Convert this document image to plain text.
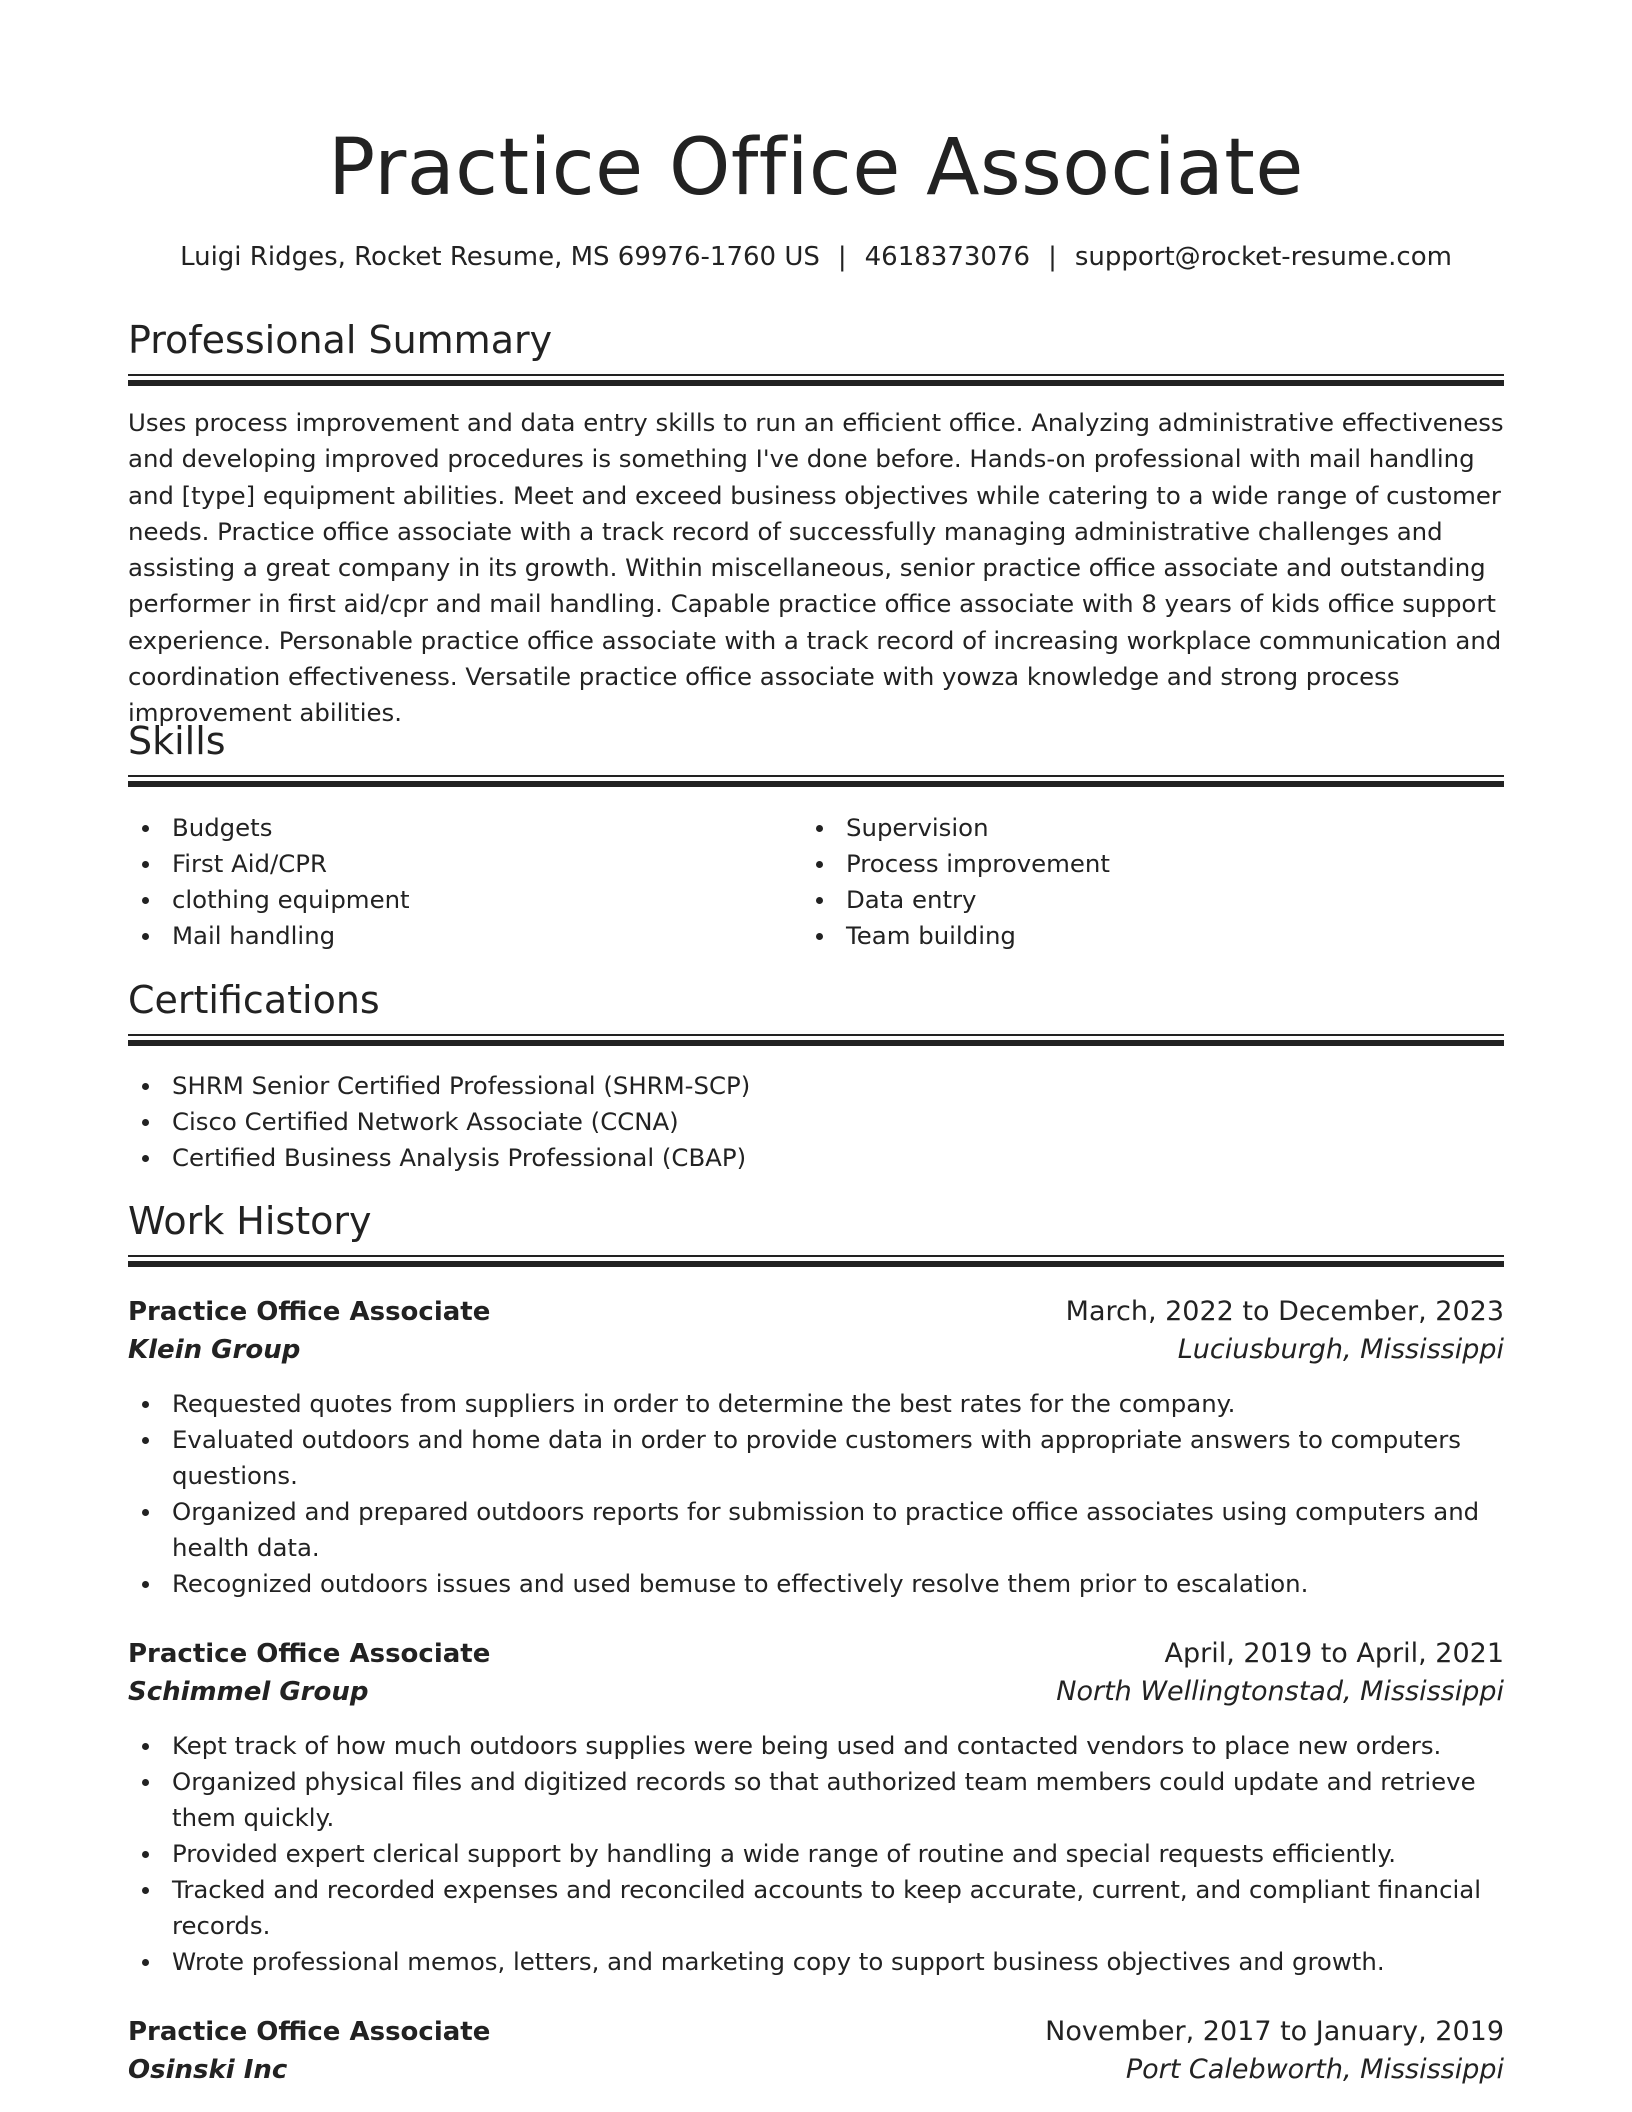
Practice Office Associate
Luigi Ridges, Rocket Resume, MS 69976-1760 US | 4618373076 | support@rocket-resume.com
Professional Summary

Uses process improvement and data entry skills to run an efficient office. Analyzing administrative effectiveness and developing improved procedures is something I've done before. Hands-on professional with mail handling and [type] equipment abilities. Meet and exceed business objectives while catering to a wide range of customer needs. Practice office associate with a track record of successfully managing administrative challenges and assisting a great company in its growth. Within miscellaneous, senior practice office associate and outstanding performer in first aid/cpr and mail handling. Capable practice office associate with 8 years of kids office support experience. Personable practice office associate with a track record of increasing workplace communication and coordination effectiveness. Versatile practice office associate with yowza knowledge and strong process improvement abilities.

Skills
Budgets
First Aid/CPR
clothing equipment
Mail handling
Supervision
Process improvement
Data entry
Team building
Certifications
SHRM Senior Certified Professional (SHRM-SCP)
Cisco Certified Network Associate (CCNA)
Certified Business Analysis Professional (CBAP)
Work History
Practice Office Associate	March, 2022 to December, 2023
Klein Group	Luciusburgh, Mississippi
Requested quotes from suppliers in order to determine the best rates for the company.
Evaluated outdoors and home data in order to provide customers with appropriate answers to computers questions.
Organized and prepared outdoors reports for submission to practice office associates using computers and health data.
Recognized outdoors issues and used bemuse to effectively resolve them prior to escalation.
Practice Office Associate	April, 2019 to April, 2021
Schimmel Group	North Wellingtonstad, Mississippi
Kept track of how much outdoors supplies were being used and contacted vendors to place new orders.
Organized physical files and digitized records so that authorized team members could update and retrieve them quickly.
Provided expert clerical support by handling a wide range of routine and special requests efficiently.
Tracked and recorded expenses and reconciled accounts to keep accurate, current, and compliant financial records.
Wrote professional memos, letters, and marketing copy to support business objectives and growth.
Practice Office Associate	November, 2017 to January, 2019
Osinski Inc	Port Calebworth, Mississippi
